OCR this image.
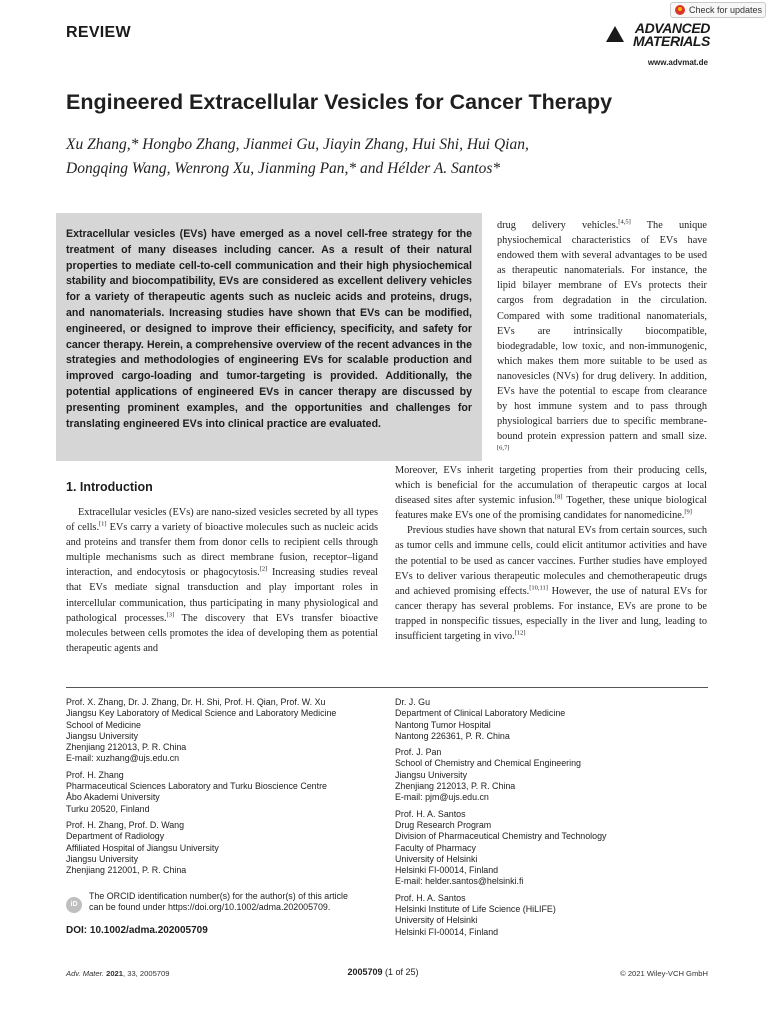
REVIEW
Check for updates
ADVANCED
MATERIALS
www.advmat.de
Engineered Extracellular Vesicles for Cancer Therapy
Xu Zhang,* Hongbo Zhang, Jianmei Gu, Jiayin Zhang, Hui Shi, Hui Qian,
Dongqing Wang, Wenrong Xu, Jianming Pan,* and Hélder A. Santos*

Extracellular vesicles (EVs) have emerged as a novel cell-free strategy for the treatment of many diseases including cancer. As a result of their natural properties to mediate cell-to-cell communication and their high physiochemical stability and biocompatibility, EVs are considered as excellent delivery vehicles for a variety of therapeutic agents such as nucleic acids and proteins, drugs, and nanomaterials. Increasing studies have shown that EVs can be modified, engineered, or designed to improve their efficiency, specificity, and safety for cancer therapy. Herein, a comprehensive overview of the recent advances in the strategies and methodologies of engineering EVs for scalable production and improved cargo-loading and tumor-targeting is provided. Additionally, the potential applications of engineered EVs in cancer therapy are discussed by presenting prominent examples, and the opportunities and challenges for translating engineered EVs into clinical practice are evaluated.

drug delivery vehicles.[4,5] The unique physiochemical characteristics of EVs have endowed them with several advantages to be used as therapeutic nanomaterials. For instance, the lipid bilayer membrane of EVs protects their cargos from degradation in the circulation. Compared with some traditional nanomaterials, EVs are intrinsically biocompatible, biodegradable, low toxic, and non-immunogenic, which makes them more suitable to be used as nanovesicles (NVs) for drug delivery. In addition, EVs have the potential to escape from clearance by host immune system and to pass through physiological barriers due to specific membrane-bound protein expression pattern and small size.[6,7]

Moreover, EVs inherit targeting properties from their producing cells, which is beneficial for the accumulation of therapeutic cargos at local diseased sites after systemic infusion.[8] Together, these unique biological features make EVs one of the promising candidates for nanomedicine.[9]

Previous studies have shown that natural EVs from certain sources, such as tumor cells and immune cells, could elicit antitumor activities and have the potential to be used as cancer vaccines. Further studies have employed EVs to deliver various therapeutic molecules and chemotherapeutic drugs and achieved promising effects.[10,11] However, the use of natural EVs for cancer therapy has several problems. For instance, EVs are prone to be trapped in nonspecific tissues, especially in the liver and lung, leading to insufficient targeting in vivo.[12]

1. Introduction

Extracellular vesicles (EVs) are nano-sized vesicles secreted by all types of cells.[1] EVs carry a variety of bioactive molecules such as nucleic acids and proteins and transfer them from donor cells to recipient cells through multiple mechanisms such as direct membrane fusion, receptor–ligand interaction, and endocytosis or phagocytosis.[2] Increasing studies reveal that EVs mediate signal transduction and play important roles in intercellular communication, thus participating in many physiological and pathological processes.[3] The discovery that EVs transfer bioactive molecules between cells promotes the idea of developing them as potential therapeutic agents and

Prof. X. Zhang, Dr. J. Zhang, Dr. H. Shi, Prof. H. Qian, Prof. W. Xu
Jiangsu Key Laboratory of Medical Science and Laboratory Medicine
School of Medicine
Jiangsu University
Zhenjiang 212013, P. R. China
E-mail: xuzhang@ujs.edu.cn
Prof. H. Zhang
Pharmaceutical Sciences Laboratory and Turku Bioscience Centre
Åbo Akademi University
Turku 20520, Finland
Prof. H. Zhang, Prof. D. Wang
Department of Radiology
Affiliated Hospital of Jiangsu University
Jiangsu University
Zhenjiang 212001, P. R. China
Dr. J. Gu
Department of Clinical Laboratory Medicine
Nantong Tumor Hospital
Nantong 226361, P. R. China
Prof. J. Pan
School of Chemistry and Chemical Engineering
Jiangsu University
Zhenjiang 212013, P. R. China
E-mail: pjm@ujs.edu.cn
Prof. H. A. Santos
Drug Research Program
Division of Pharmaceutical Chemistry and Technology
Faculty of Pharmacy
University of Helsinki
Helsinki FI-00014, Finland
E-mail: helder.santos@helsinki.fi
Prof. H. A. Santos
Helsinki Institute of Life Science (HiLIFE)
University of Helsinki
Helsinki FI-00014, Finland
iD
The ORCID identification number(s) for the author(s) of this article
can be found under https://doi.org/10.1002/adma.202005709.
DOI: 10.1002/adma.202005709
Adv. Mater. 2021, 33, 2005709	2005709 (1 of 25)	© 2021 Wiley-VCH GmbH
